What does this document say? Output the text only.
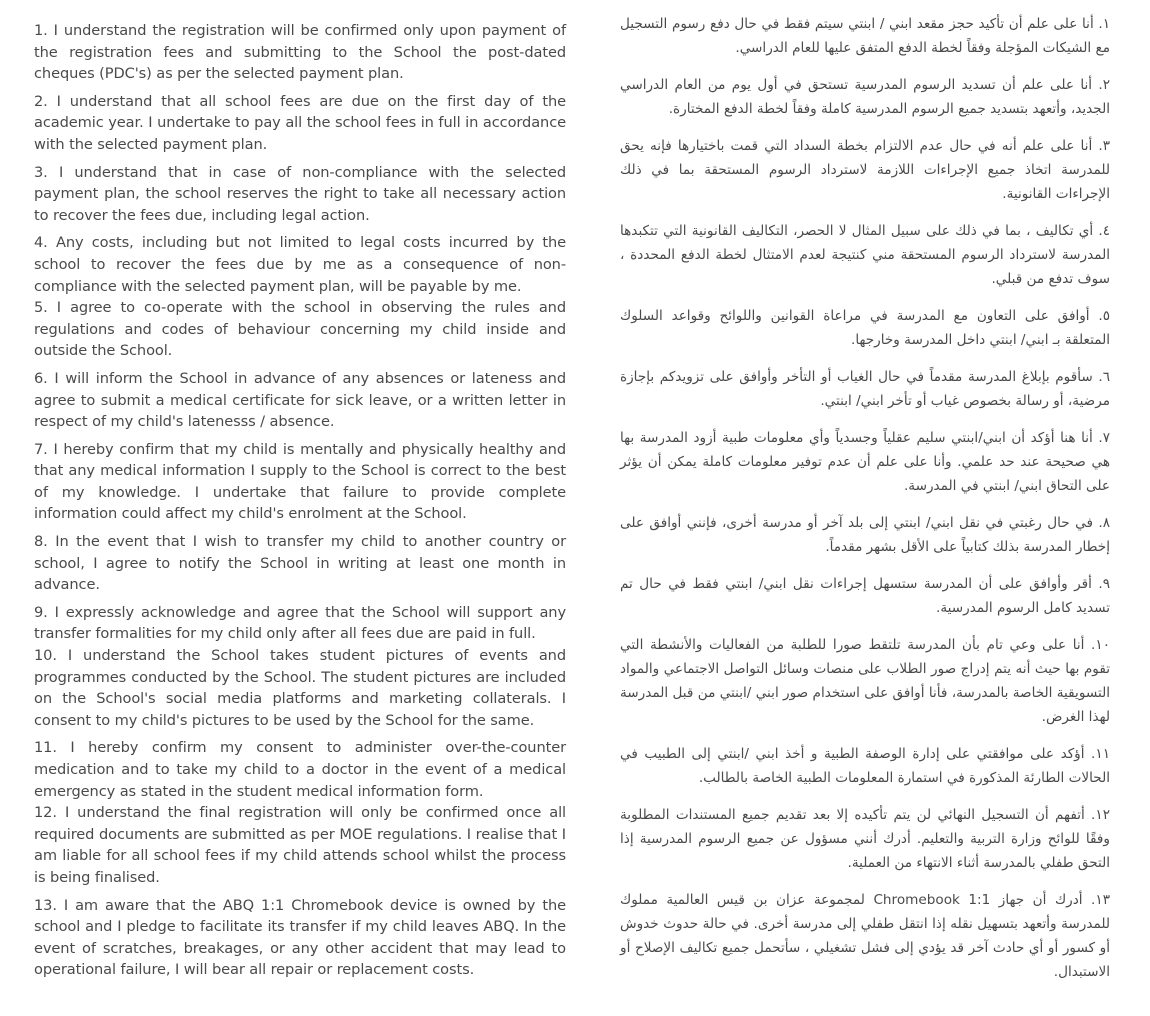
1. I understand the registration will be confirmed only upon payment of the registration fees and submitting to the School the post-dated cheques (PDC's) as per the selected payment plan.

2. I understand that all school fees are due on the first day of the academic year. I undertake to pay all the school fees in full in accordance with the selected payment plan.

3. I understand that in case of non-compliance with the selected payment plan, the school reserves the right to take all necessary action to recover the fees due, including legal action.

4. Any costs, including but not limited to legal costs incurred by the school to recover the fees due by me as a consequence of non-compliance with the selected payment plan, will be payable by me.

5. I agree to co-operate with the school in observing the rules and regulations and codes of behaviour concerning my child inside and outside the School.

6. I will inform the School in advance of any absences or lateness and agree to submit a medical certificate for sick leave, or a written letter in respect of my child's latenesss / absence.

7. I hereby confirm that my child is mentally and physically healthy and that any medical information I supply to the School is correct to the best of my knowledge. I undertake that failure to provide complete information could affect my child's enrolment at the School.

8. In the event that I wish to transfer my child to another country or school, I agree to notify the School in writing at least one month in advance.

9. I expressly acknowledge and agree that the School will support any transfer formalities for my child only after all fees due are paid in full.

10. I understand the School takes student pictures of events and programmes conducted by the School. The student pictures are included on the School's social media platforms and marketing collaterals. I consent to my child's pictures to be used by the School for the same.

11. I hereby confirm my consent to administer over-the-counter medication and to take my child to a doctor in the event of a medical emergency as stated in the student medical information form.

12. I understand the final registration will only be confirmed once all required documents are submitted as per MOE regulations. I realise that I am liable for all school fees if my child attends school whilst the process is being finalised.

13. I am aware that the ABQ 1:1 Chromebook device is owned by the school and I pledge to facilitate its transfer if my child leaves ABQ. In the event of scratches, breakages, or any other accident that may lead to operational failure, I will bear all repair or replacement costs.

١. أنا على علم أن تأكيد حجز مقعد ابني / ابنتي سيتم فقط في حال دفع رسوم التسجيل مع الشيكات المؤجلة وفقاً لخطة الدفع المتفق عليها للعام الدراسي.

٢. أنا على علم أن تسديد الرسوم المدرسية تستحق في أول يوم من العام الدراسي الجديد، وأتعهد بتسديد جميع الرسوم المدرسية كاملة وفقاً لخطة الدفع المختارة.

٣. أنا على علم أنه في حال عدم الالتزام بخطة السداد التي قمت باختيارها فإنه يحق للمدرسة اتخاذ جميع الإجراءات اللازمة لاسترداد الرسوم المستحقة بما في ذلك الإجراءات القانونية.

٤. أي تكاليف ، بما في ذلك على سبيل المثال لا الحصر، التكاليف القانونية التي تتكبدها المدرسة لاسترداد الرسوم المستحقة مني كنتيجة لعدم الامتثال لخطة الدفع المحددة ، سوف تدفع من قبلي.

٥. أوافق على التعاون مع المدرسة في مراعاة القوانين واللوائح وقواعد السلوك المتعلقة بـ ابني/ ابنتي داخل المدرسة وخارجها.

٦. سأقوم بإبلاغ المدرسة مقدماً في حال الغياب أو التأخر وأوافق على تزويدكم بإجازة مرضية، أو رسالة بخصوص غياب أو تأخر ابني/ ابنتي.

٧. أنا هنا أؤكد أن ابني/ابنتي سليم عقلياً وجسدياً وأي معلومات طبية أزود المدرسة بها هي صحيحة عند حد علمي. وأنا على علم أن عدم توفير معلومات كاملة يمكن أن يؤثر على التحاق ابني/ ابنتي في المدرسة.

٨. في حال رغبتي في نقل ابني/ ابنتي إلى بلد آخر أو مدرسة أخرى، فإنني أوافق على إخطار المدرسة بذلك كتابياً على الأقل بشهر مقدماً.

٩. أقر وأوافق على أن المدرسة ستسهل إجراءات نقل ابني/ ابنتي فقط في حال تم تسديد كامل الرسوم المدرسية.

١٠. أنا على وعي تام بأن المدرسة تلتقط صورا للطلبة من الفعاليات والأنشطة التي تقوم بها حيث أنه يتم إدراج صور الطلاب على منصات وسائل التواصل الاجتماعي والمواد التسويقية الخاصة بالمدرسة، فأنا أوافق على استخدام صور ابني /ابنتي من قبل المدرسة لهذا الغرض.

١١. أؤكد على موافقتي على إدارة الوصفة الطبية و أخذ ابني /ابنتي إلى الطبيب في الحالات الطارئة المذكورة في استمارة المعلومات الطبية الخاصة بالطالب.

١٢. أتفهم أن التسجيل النهائي لن يتم تأكيده إلا بعد تقديم جميع المستندات المطلوبة وفقًا للوائح وزارة التربية والتعليم. أدرك أنني مسؤول عن جميع الرسوم المدرسية إذا التحق طفلي بالمدرسة أثناء الانتهاء من العملية.

١٣. أدرك أن جهاز Chromebook 1:1 لمجموعة عزان بن قيس العالمية مملوك للمدرسة وأتعهد بتسهيل نقله إذا انتقل طفلي إلى مدرسة أخرى. في حالة حدوث خدوش أو كسور أو أي حادث آخر قد يؤدي إلى فشل تشغيلي ، سأتحمل جميع تكاليف الإصلاح أو الاستبدال.
